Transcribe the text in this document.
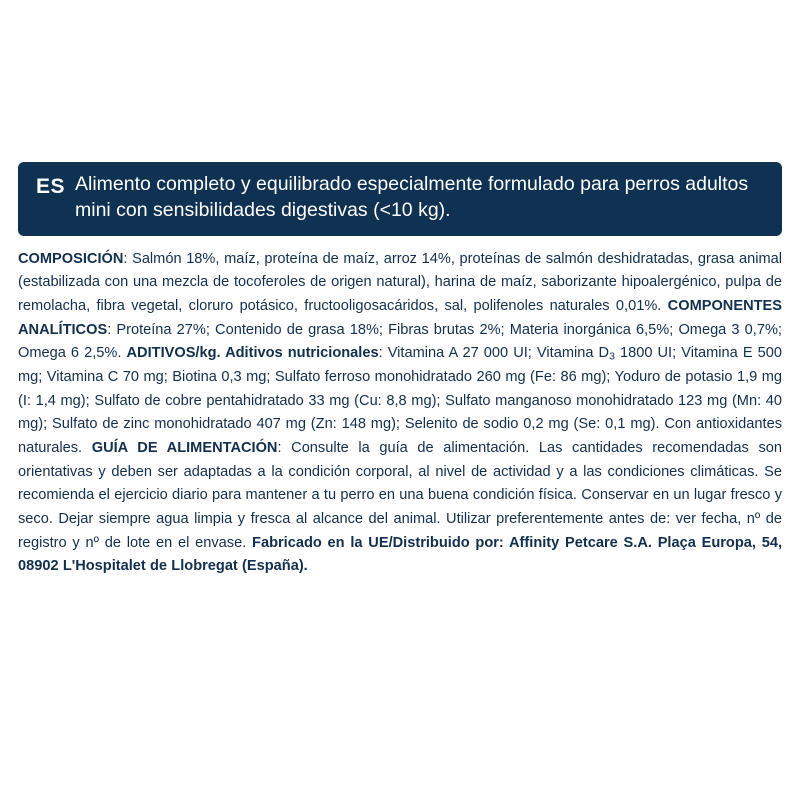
ES Alimento completo y equilibrado especialmente formulado para perros adultos mini con sensibilidades digestivas (<10 kg).
COMPOSICIÓN: Salmón 18%, maíz, proteína de maíz, arroz 14%, proteínas de salmón deshidratadas, grasa animal (estabilizada con una mezcla de tocoferoles de origen natural), harina de maíz, saborizante hipoalergénico, pulpa de remolacha, fibra vegetal, cloruro potásico, fructooligosacáridos, sal, polifenoles naturales 0,01%. COMPONENTES ANALÍTICOS: Proteína 27%; Contenido de grasa 18%; Fibras brutas 2%; Materia inorgánica 6,5%; Omega 3 0,7%; Omega 6 2,5%. ADITIVOS/kg. Aditivos nutricionales: Vitamina A 27 000 UI; Vitamina $D_3$ 1800 UI; Vitamina E 500 mg; Vitamina C 70 mg; Biotina 0,3 mg; Sulfato ferroso monohidratado 260 mg (Fe: 86 mg); Yoduro de potasio 1,9 mg (I: 1,4 mg); Sulfato de cobre pentahidratado 33 mg (Cu: 8,8 mg); Sulfato manganoso monohidratado 123 mg (Mn: 40 mg); Sulfato de zinc monohidratado 407 mg (Zn: 148 mg); Selenito de sodio 0,2 mg (Se: 0,1 mg). Con antioxidantes naturales. GUÍA DE ALIMENTACIÓN: Consulte la guía de alimentación. Las cantidades recomendadas son orientativas y deben ser adaptadas a la condición corporal, al nivel de actividad y a las condiciones climáticas. Se recomienda el ejercicio diario para mantener a tu perro en una buena condición física. Conservar en un lugar fresco y seco. Dejar siempre agua limpia y fresca al alcance del animal. Utilizar preferentemente antes de: ver fecha, nº de registro y nº de lote en el envase. Fabricado en la UE/Distribuido por: Affinity Petcare S.A. Plaça Europa, 54, 08902 L'Hospitalet de Llobregat (España).
